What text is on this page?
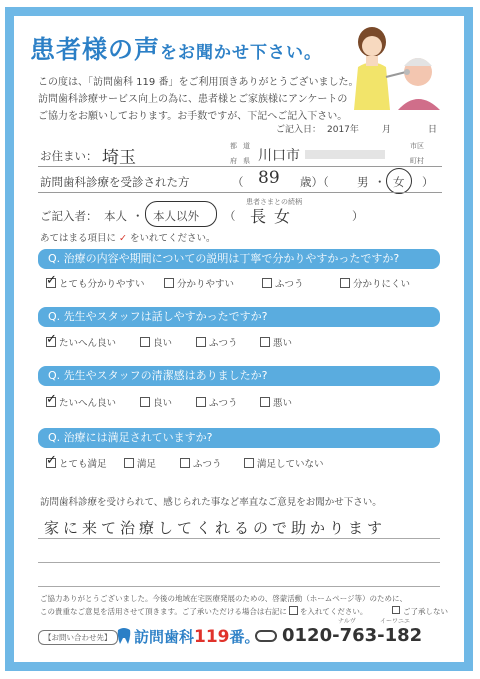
患者様の声をお聞かせ下さい。
この度は、「訪問歯科 119 番」をご利用頂きありがとうございました。
訪問歯科診療サービス向上の為に、患者様とご家族様にアンケートの
ご協力をお願いしております。お手数ですが、下記へご記入下さい。
ご記入日： 2017年	月	日
お住まい： 埼玉
都 道
府 県 川口市
市区
町村
訪問歯科診療を受診された方	（ 89 歳）（ 男 ・ 女 ）
ご記入者： 本人 ・ 本人以外
患者さまとの続柄
（ 長女	）
あてはまる項目に ✓ をいれてください。
Q. 治療の内容や期間についての説明は丁寧で分かりやすかったですか?
✓
とても分かりやすい	分かりやすい	ふつう	分かりにくい
Q. 先生やスタッフは話しやすかったですか?
✓
たいへん良い	良い	ふつう	悪い
Q. 先生やスタッフの清潔感はありましたか?
✓
たいへん良い	良い	ふつう	悪い
Q. 治療には満足されていますか?
✓
とても満足	満足	ふつう	満足していない
訪問歯科診療を受けられて、感じられた事など率直なご意見をお聞かせ下さい。
家に来て治療してくれるので助かります
ご協力ありがとうございました。今後の地域在宅医療発展のための、啓蒙活動（ホームページ等）のために、
この貴重なご意見を活用させて頂きます。ご了承いただける場合は右記に を入れてください。	ご了承しない
【お問い合わせ先】	訪問歯科119番。
ナルヴ	イーワニエ
0120-763-182
